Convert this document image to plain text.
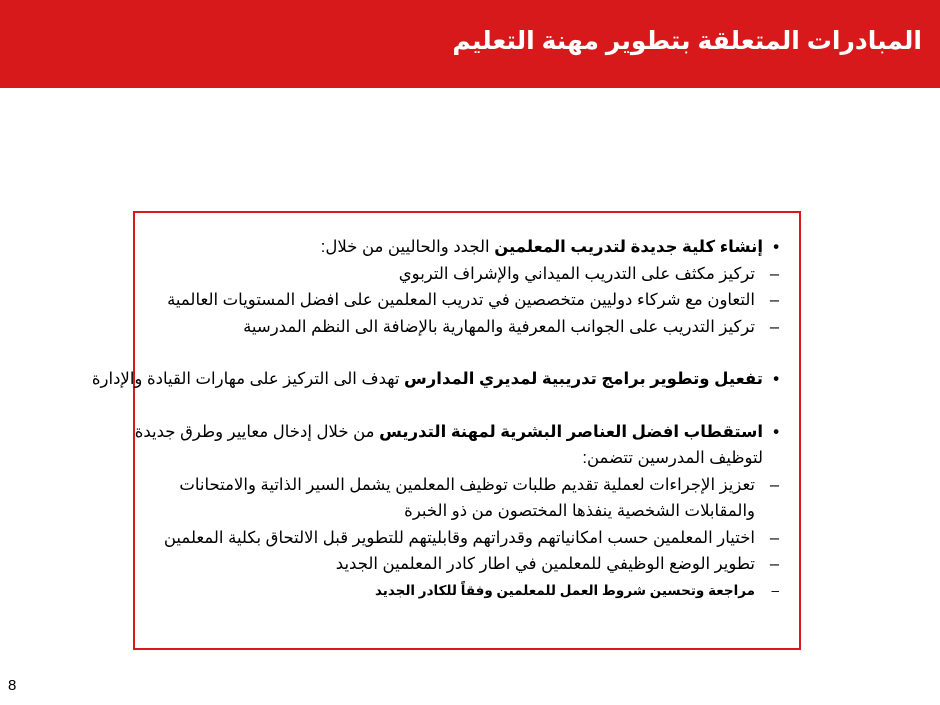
المبادرات المتعلقة بتطوير مهنة التعليم
•
إنشاء كلية جديدة لتدريب المعلمين الجدد والحاليين من خلال:
–
تركيز مكثف على التدريب الميداني والإشراف التربوي
–
التعاون مع شركاء دوليين متخصصين في تدريب المعلمين على افضل المستويات العالمية
–
تركيز التدريب على الجوانب المعرفية والمهارية بالإضافة الى النظم المدرسية
•
تفعيل وتطوير برامج تدريبية لمديري المدارس تهدف الى التركيز على مهارات القيادة والإدارة
•
استقطاب افضل العناصر البشرية لمهنة التدريس من خلال إدخال معايير وطرق جديدة
لتوظيف المدرسين تتضمن:
–
تعزيز الإجراءات لعملية تقديم طلبات توظيف المعلمين يشمل السير الذاتية والامتحانات
والمقابلات الشخصية ينفذها المختصون من ذو الخبرة
–
اختيار المعلمين حسب امكانياتهم وقدراتهم وقابليتهم للتطوير قبل الالتحاق بكلية المعلمين
–
تطوير الوضع الوظيفي للمعلمين في اطار كادر المعلمين الجديد
–
مراجعة وتحسين شروط العمل للمعلمين وفقاً للكادر الجديد
8
